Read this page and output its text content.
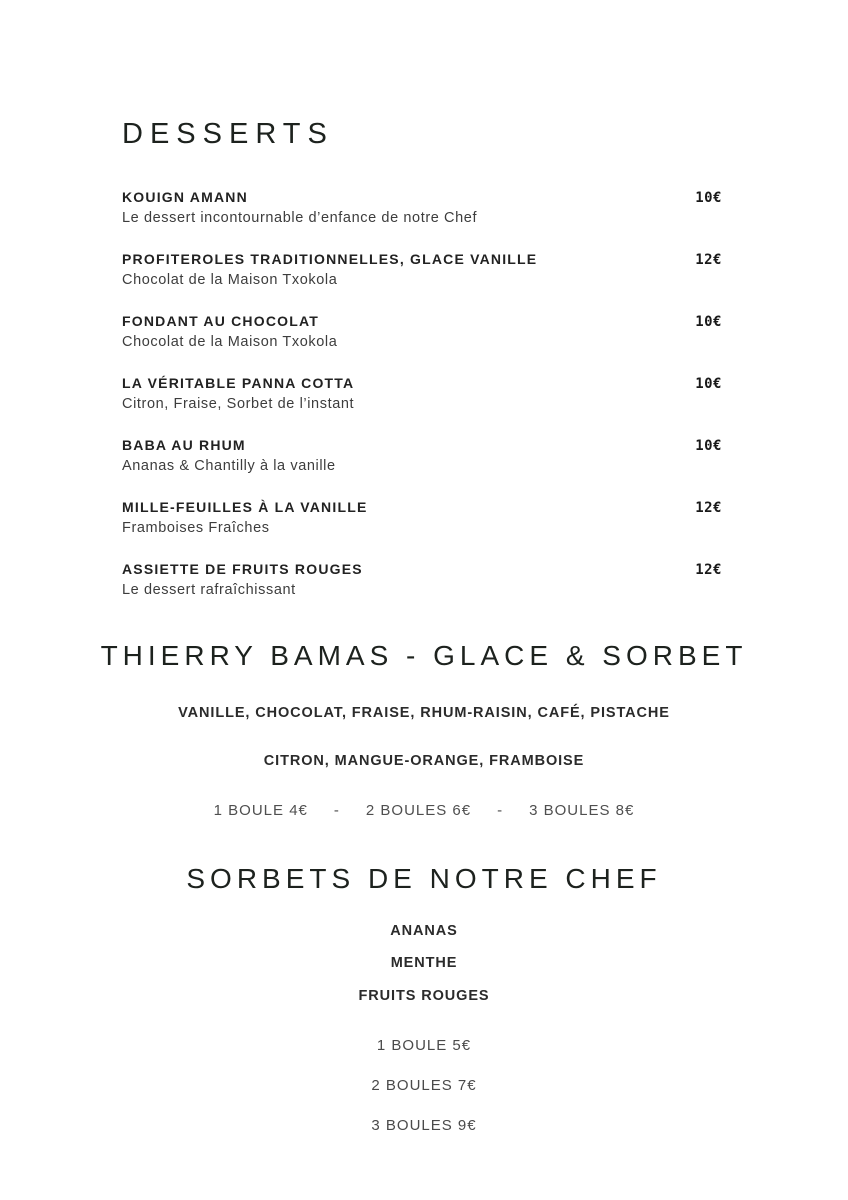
DESSERTS
KOUIGN AMANN	10€
Le dessert incontournable d’enfance de notre Chef
PROFITEROLES TRADITIONNELLES, GLACE VANILLE	12€
Chocolat de la Maison Txokola
FONDANT AU CHOCOLAT	10€
Chocolat de la Maison Txokola
LA VÉRITABLE PANNA COTTA	10€
Citron, Fraise, Sorbet de l’instant
BABA AU RHUM	10€
Ananas & Chantilly à la vanille
MILLE-FEUILLES À LA VANILLE	12€
Framboises Fraîches
ASSIETTE DE FRUITS ROUGES	12€
Le dessert rafraîchissant
THIERRY BAMAS - GLACE & SORBET
VANILLE, CHOCOLAT, FRAISE, RHUM-RAISIN, CAFÉ, PISTACHE
CITRON, MANGUE-ORANGE, FRAMBOISE
1 BOULE 4€ - 2 BOULES 6€ - 3 BOULES 8€
SORBETS DE NOTRE CHEF
ANANAS
MENTHE
FRUITS ROUGES
1 BOULE 5€
2 BOULES 7€
3 BOULES 9€
